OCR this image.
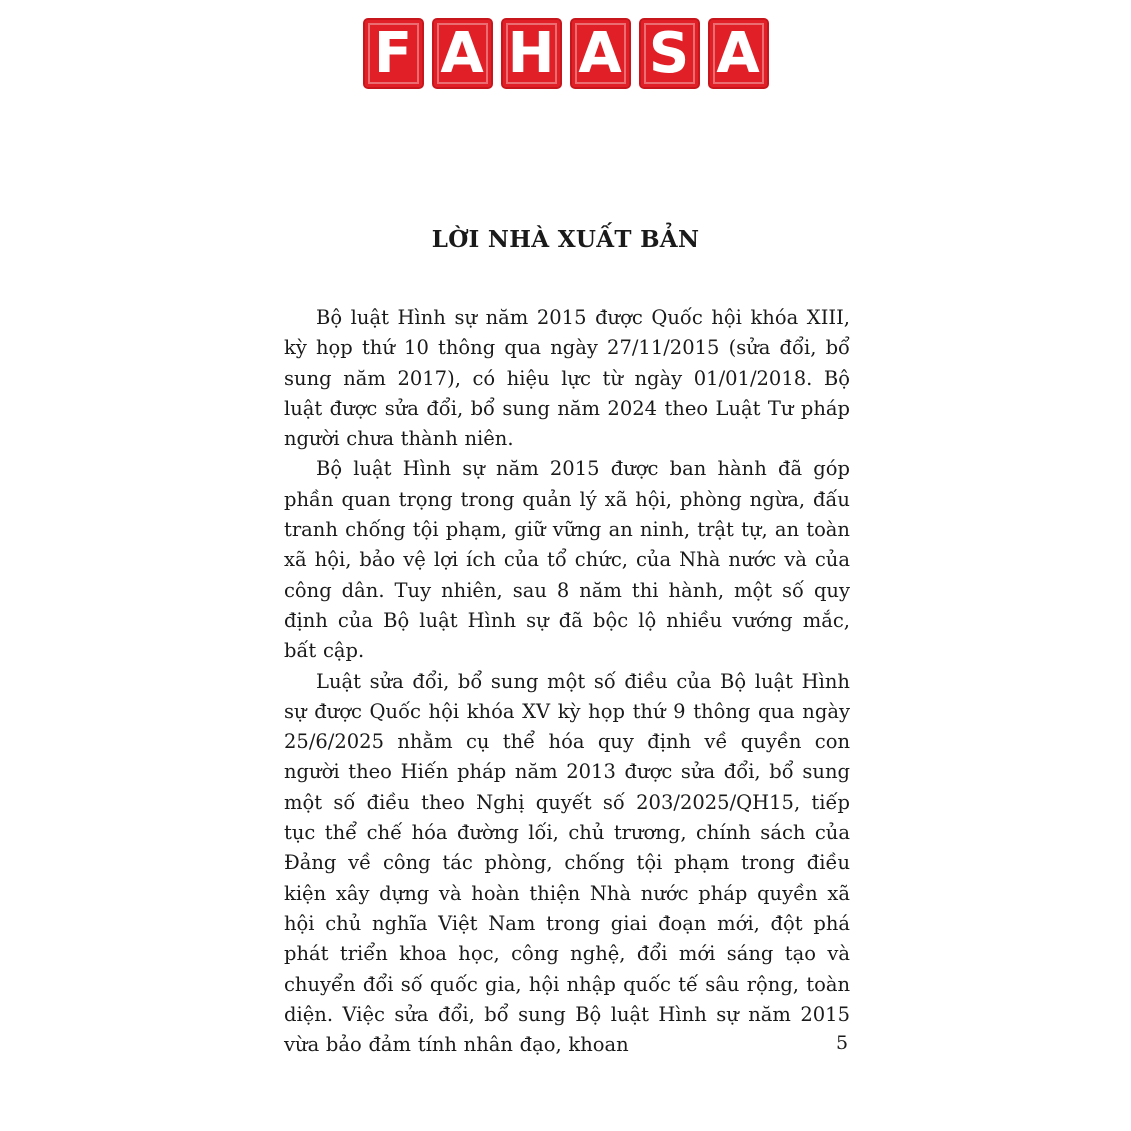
F A H A S A
LỜI NHÀ XUẤT BẢN

Bộ luật Hình sự năm 2015 được Quốc hội khóa XIII, kỳ họp thứ 10 thông qua ngày 27/11/2015 (sửa đổi, bổ sung năm 2017), có hiệu lực từ ngày 01/01/2018. Bộ luật được sửa đổi, bổ sung năm 2024 theo Luật Tư pháp người chưa thành niên.

Bộ luật Hình sự năm 2015 được ban hành đã góp phần quan trọng trong quản lý xã hội, phòng ngừa, đấu tranh chống tội phạm, giữ vững an ninh, trật tự, an toàn xã hội, bảo vệ lợi ích của tổ chức, của Nhà nước và của công dân. Tuy nhiên, sau 8 năm thi hành, một số quy định của Bộ luật Hình sự đã bộc lộ nhiều vướng mắc, bất cập.

Luật sửa đổi, bổ sung một số điều của Bộ luật Hình sự được Quốc hội khóa XV kỳ họp thứ 9 thông qua ngày 25/6/2025 nhằm cụ thể hóa quy định về quyền con người theo Hiến pháp năm 2013 được sửa đổi, bổ sung một số điều theo Nghị quyết số 203/2025/QH15, tiếp tục thể chế hóa đường lối, chủ trương, chính sách của Đảng về công tác phòng, chống tội phạm trong điều kiện xây dựng và hoàn thiện Nhà nước pháp quyền xã hội chủ nghĩa Việt Nam trong giai đoạn mới, đột phá phát triển khoa học, công nghệ, đổi mới sáng tạo và chuyển đổi số quốc gia, hội nhập quốc tế sâu rộng, toàn diện. Việc sửa đổi, bổ sung Bộ luật Hình sự năm 2015 vừa bảo đảm tính nhân đạo, khoan	5
